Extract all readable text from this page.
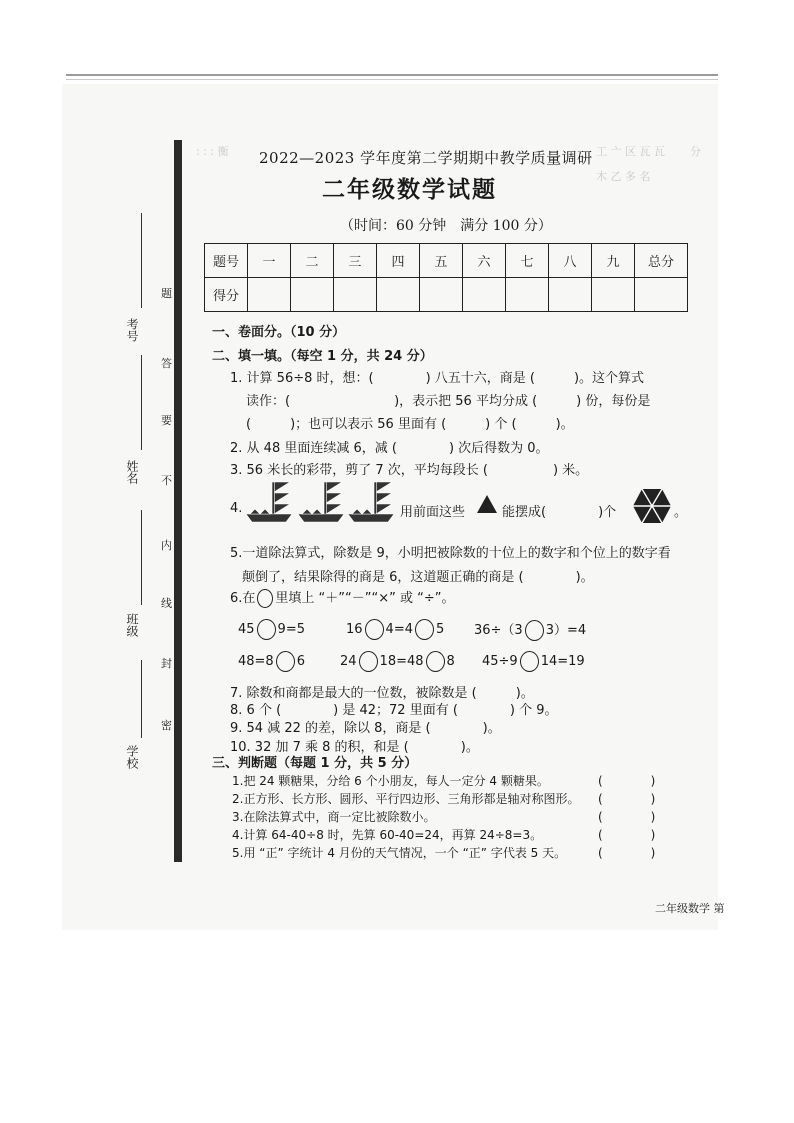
: : : 衡	工 亠 区 瓦 瓦 分
木 乙 多 名
考号
姓名
班级
学校
题
答
要
不
内
线
封
密
2022—2023 学年度第二学期期中教学质量调研
二年级数学试题
（时间：60 分钟　满分 100 分）
题号	一	二	三	四	五	六	七	八	九	总分
得分										
一、卷面分。（10 分）
二、填一填。（每空 1 分，共 24 分）
1. 计算 56÷8 时，想：(　　　　) 八五十六，商是 (　　　)。这个算式
读作：(　　　　　　　　)，表示把 56 平均分成 (　　　) 份，每份是
(　　　)；也可以表示 56 里面有 (　　　) 个 (　　　)。
2. 从 48 里面连续减 6，减 (　　　　) 次后得数为 0。
3. 56 米长的彩带，剪了 7 次，平均每段长 (　　　　　) 米。
4.	用前面这些	能摆成(　　　　)个	。
5.一道除法算式，除数是 9，小明把被除数的十位上的数字和个位上的数字看
颠倒了，结果除得的商是 6，这道题正确的商是 (　　　　)。
6.在 里填上 “＋”“－”“×” 或 “÷”。
45 9=5	16 4=4 5 36÷（3 3）=4
48=8 6	24 18=48 8 45÷9 14=19
7. 除数和商都是最大的一位数，被除数是 (　　　)。
8. 6 个 (　　　　) 是 42；72 里面有 (　　　　) 个 9。
9. 54 减 22 的差，除以 8，商是 (　　　　)。
10. 32 加 7 乘 8 的积，和是 (　　　　)。
三、判断题（每题 1 分，共 5 分）
1.把 24 颗糖果，分给 6 个小朋友，每人一定分 4 颗糖果。	(　　　　)
2.正方形、长方形、圆形、平行四边形、三角形都是轴对称图形。 (　　　　)
3.在除法算式中，商一定比被除数小。	(　　　　)
4.计算 64-40÷8 时，先算 60-40=24，再算 24÷8=3。	(　　　　)
5.用 “正” 字统计 4 月份的天气情况，一个 “正” 字代表 5 天。	(　　　　)
二年级数学 第
